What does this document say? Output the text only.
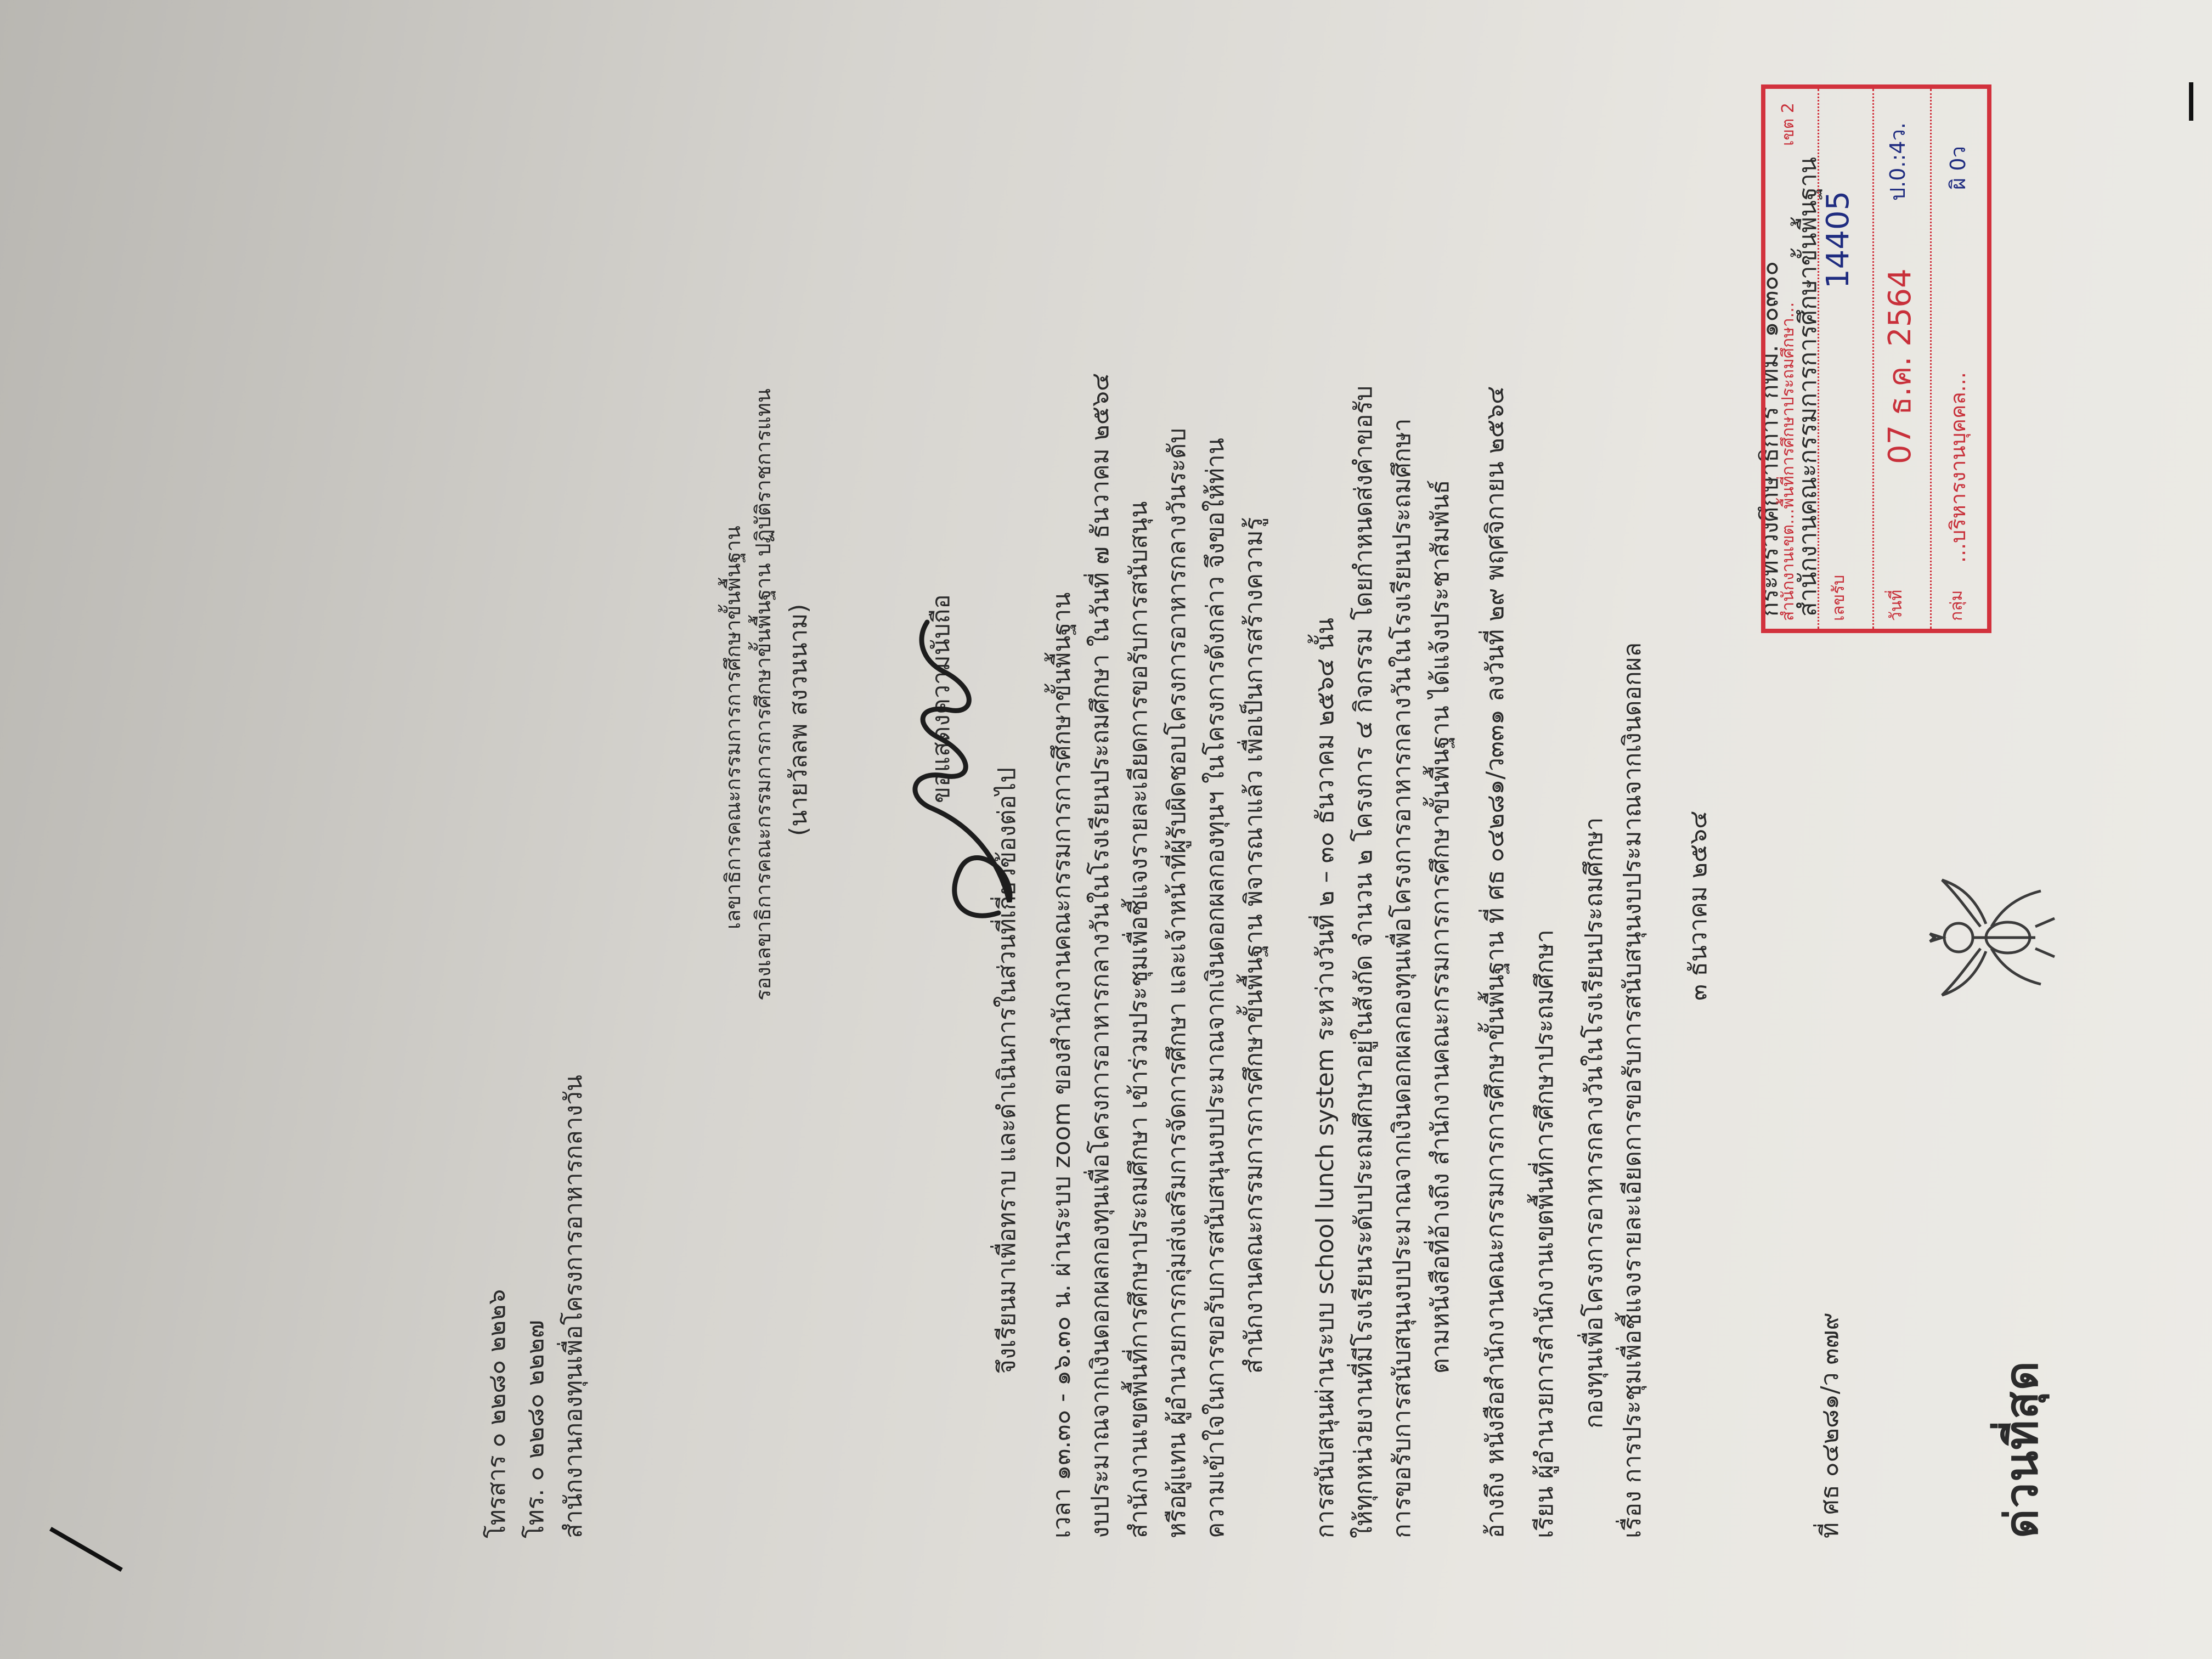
ด่วนที่สุด
ที่ ศธ ๐๔๒๘๑/ว ๓๗๙
สำนักงานคณะกรรมการการศึกษาขั้นพื้นฐาน
กระทรวงศึกษาธิการ กทม. ๑๐๓๐๐
๓ ธันวาคม ๒๕๖๔
เรื่อง การประชุมเพื่อชี้แจงรายละเอียดการขอรับการสนับสนุนงบประมาณจากเงินดอกผล
กองทุนเพื่อโครงการอาหารกลางวันในโรงเรียนประถมศึกษา
เรียน ผู้อำนวยการสำนักงานเขตพื้นที่การศึกษาประถมศึกษา
อ้างถึง หนังสือสำนักงานคณะกรรมการการศึกษาขั้นพื้นฐาน ที่ ศธ ๐๔๒๘๑/ว๓๓๑ ลงวันที่ ๒๙ พฤศจิกายน ๒๕๖๔
ตามหนังสือที่อ้างถึง สำนักงานคณะกรรมการการศึกษาขั้นพื้นฐาน ได้แจ้งประชาสัมพันธ์
การขอรับการสนับสนุนงบประมาณจากเงินดอกผลกองทุนเพื่อโครงการอาหารกลางวันในโรงเรียนประถมศึกษา
ให้ทุกหน่วยงานที่มีโรงเรียนระดับประถมศึกษาอยู่ในสังกัด จำนวน ๒ โครงการ ๔ กิจกรรม โดยกำหนดส่งคำขอรับ
การสนับสนุนผ่านระบบ school lunch system ระหว่างวันที่ ๒ – ๓๐ ธันวาคม ๒๕๖๔ นั้น
สำนักงานคณะกรรมการการศึกษาขั้นพื้นฐาน พิจารณาแล้ว เพื่อเป็นการสร้างความรู้
ความเข้าใจในการขอรับการสนับสนุนงบประมาณจากเงินดอกผลกองทุนฯ ในโครงการดังกล่าว จึงขอให้ท่าน
หรือผู้แทน ผู้อำนวยการกลุ่มส่งเสริมการจัดการศึกษา และเจ้าหน้าที่ผู้รับผิดชอบโครงการอาหารกลางวันระดับ
สำนักงานเขตพื้นที่การศึกษาประถมศึกษา เข้าร่วมประชุมเพื่อชี้แจงรายละเอียดการขอรับการสนับสนุน
งบประมาณจากเงินดอกผลกองทุนเพื่อโครงการอาหารกลางวันในโรงเรียนประถมศึกษา ในวันที่ ๗ ธันวาคม ๒๕๖๔
เวลา ๑๓.๓๐ - ๑๖.๓๐ น. ผ่านระบบ zoom ของสำนักงานคณะกรรมการการศึกษาขั้นพื้นฐาน
จึงเรียนมาเพื่อทราบ และดำเนินการในส่วนที่เกี่ยวข้องต่อไป
ขอแสดงความนับถือ
(นายวัลลพ สงวนนาม)
รองเลขาธิการคณะกรรมการการศึกษาขั้นพื้นฐาน ปฏิบัติราชการแทน
เลขาธิการคณะกรรมการการศึกษาขั้นพื้นฐาน
สำนักงานกองทุนเพื่อโครงการอาหารกลางวัน
โทร. ๐ ๒๒๘๐ ๒๒๒๗
โทรสาร ๐ ๒๒๘๐ ๒๒๒๖
สำนักงานเขต...พื้นที่การศึกษาประถมศึกษา...
เขต 2
เลขรับ
14405
วันที่
07 ธ.ค. 2564
ป.0.:4ว.
กลุ่ม
...บริหารงานบุคคล...
ผิ 0ว
